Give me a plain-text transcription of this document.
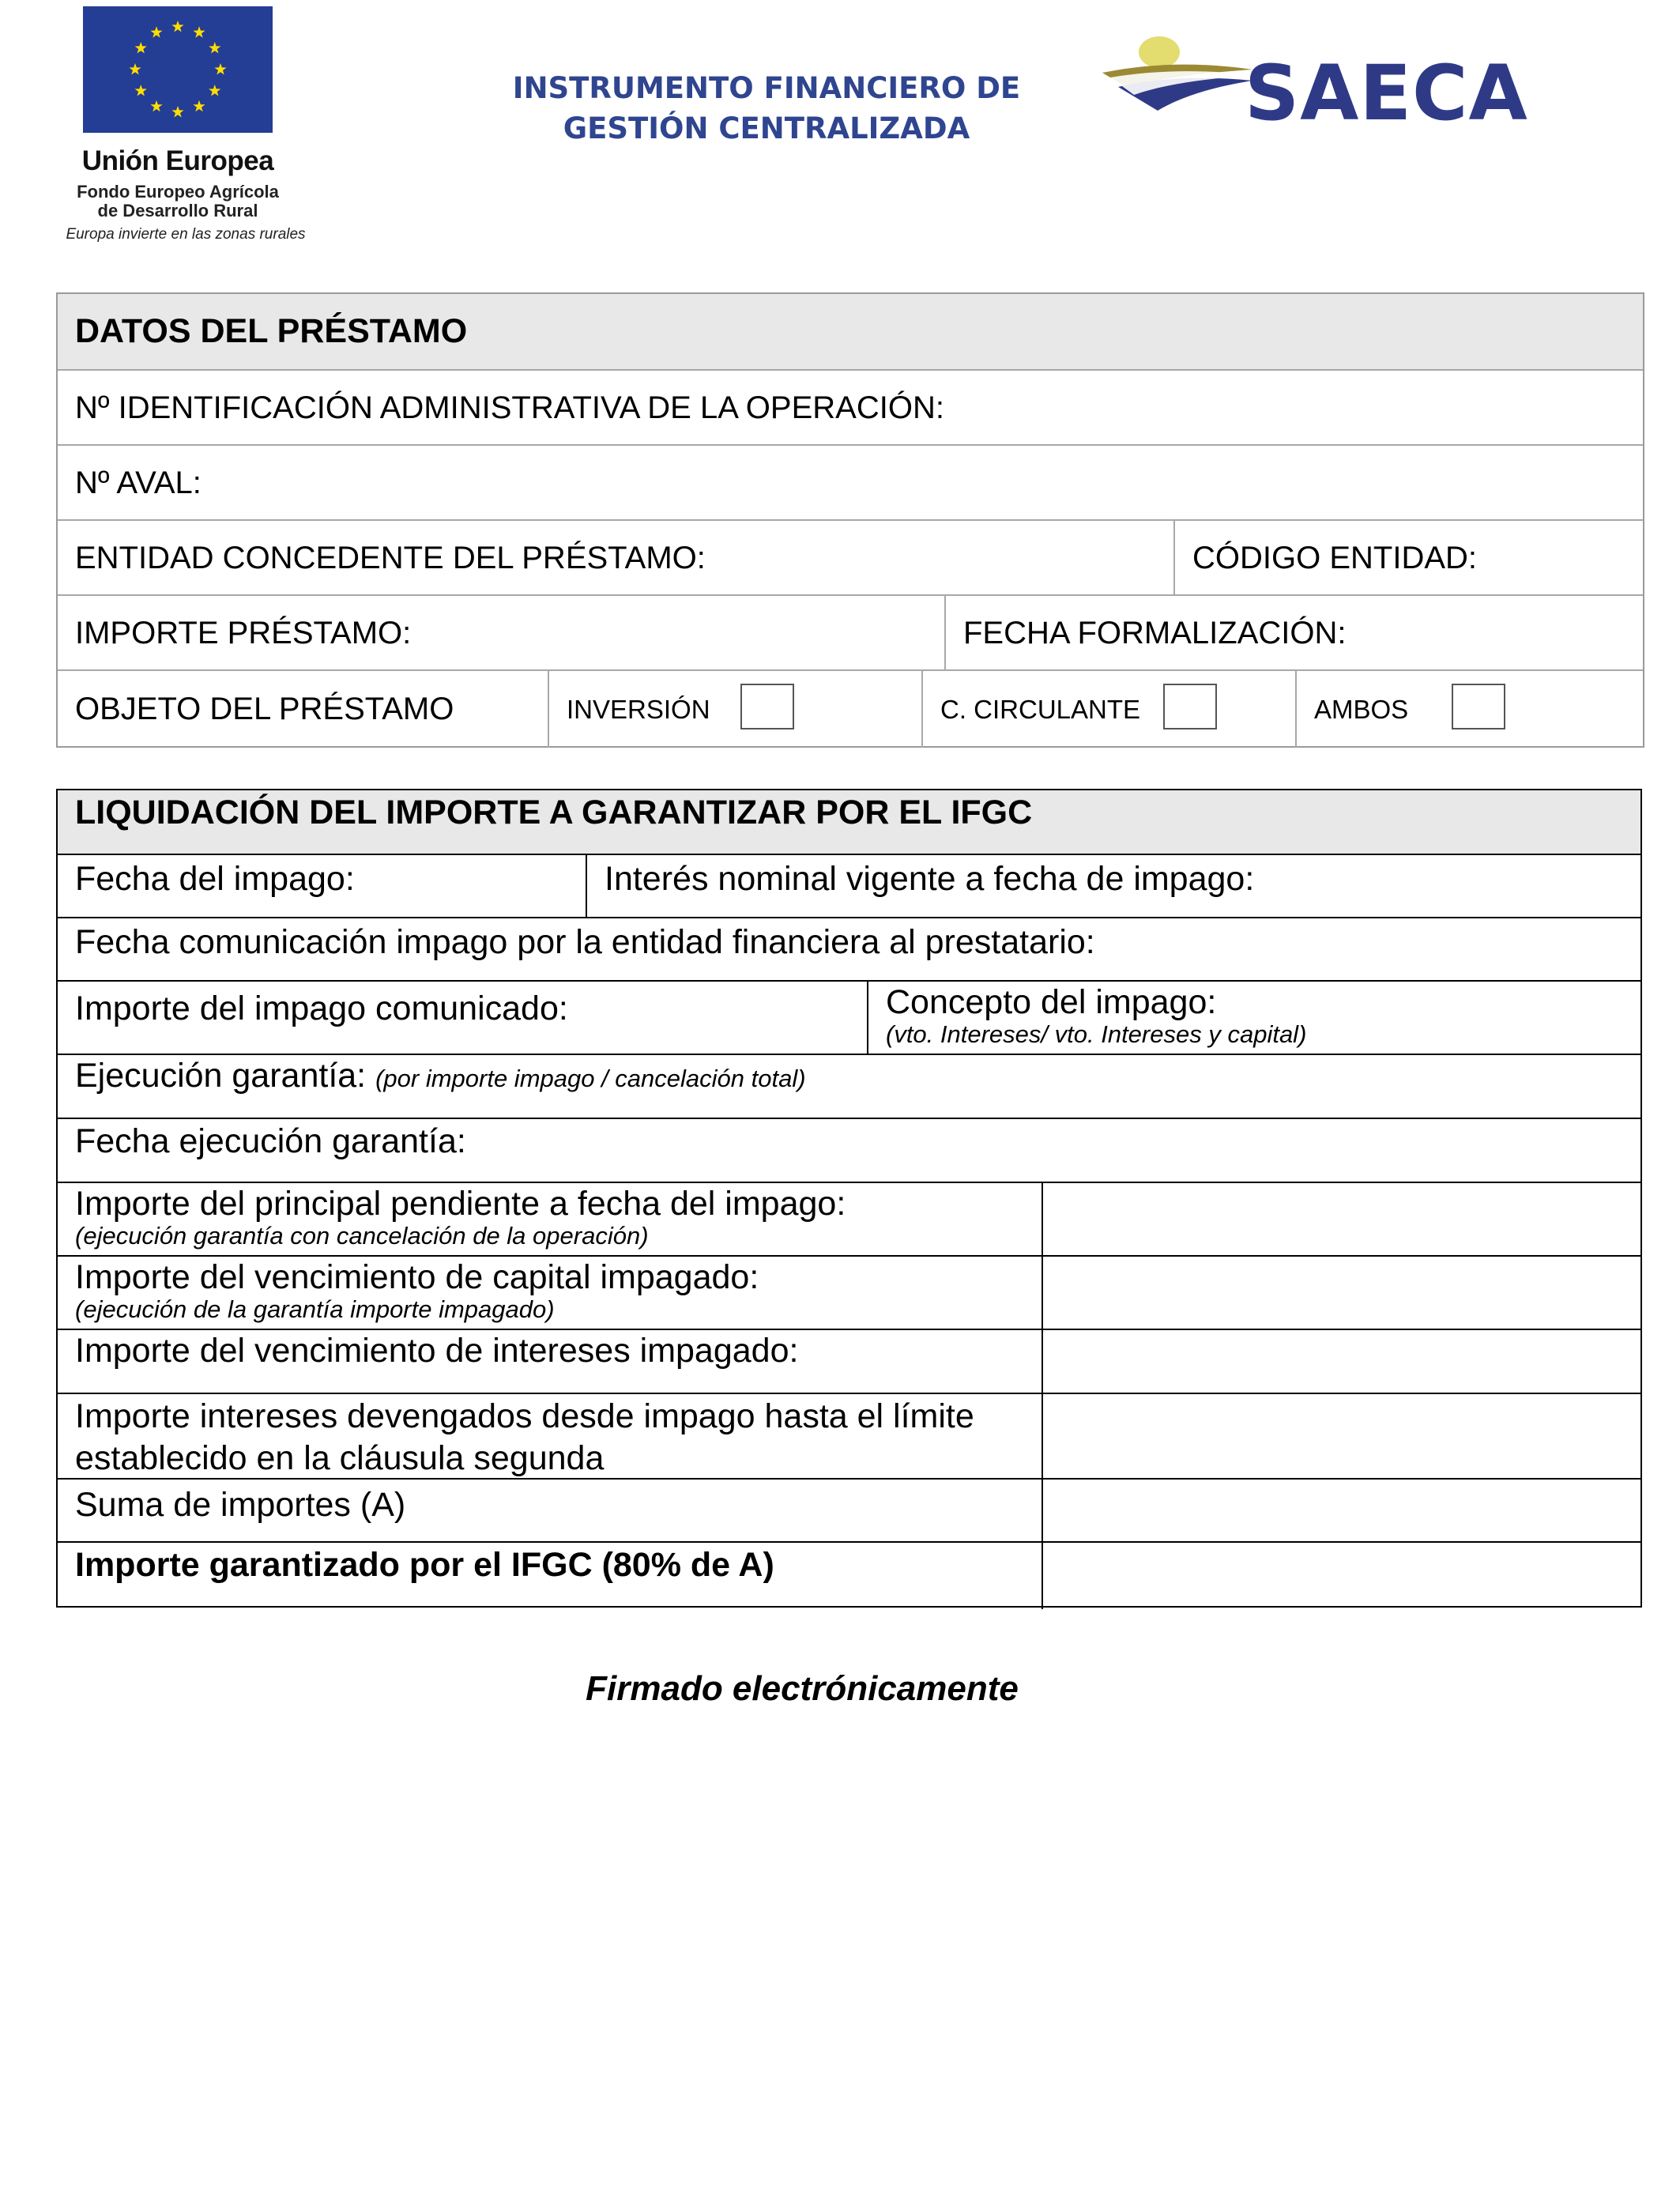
Unión Europea
Fondo Europeo Agrícola
de Desarrollo Rural
Europa invierte en las zonas rurales
INSTRUMENTO FINANCIERO DE
GESTIÓN CENTRALIZADA	SAECA
DATOS DEL PRÉSTAMO
Nº IDENTIFICACIÓN ADMINISTRATIVA DE LA OPERACIÓN:
Nº AVAL:
ENTIDAD CONCEDENTE DEL PRÉSTAMO:	CÓDIGO ENTIDAD:
IMPORTE PRÉSTAMO:	FECHA FORMALIZACIÓN:
OBJETO DEL PRÉSTAMO	INVERSIÓN	C. CIRCULANTE	AMBOS
LIQUIDACIÓN DEL IMPORTE A GARANTIZAR POR EL IFGC
Fecha del impago:	Interés nominal vigente a fecha de impago:
Fecha comunicación impago por la entidad financiera al prestatario:
Importe del impago comunicado:	Concepto del impago:
(vto. Intereses/ vto. Intereses y capital)
Ejecución garantía: (por importe impago / cancelación total)
Fecha ejecución garantía:
Importe del principal pendiente a fecha del impago:
(ejecución garantía con cancelación de la operación)
Importe del vencimiento de capital impagado:
(ejecución de la garantía importe impagado)
Importe del vencimiento de intereses impagado:
Importe intereses devengados desde impago hasta el límite
establecido en la cláusula segunda
Suma de importes (A)
Importe garantizado por el IFGC (80% de A)
Firmado electrónicamente
